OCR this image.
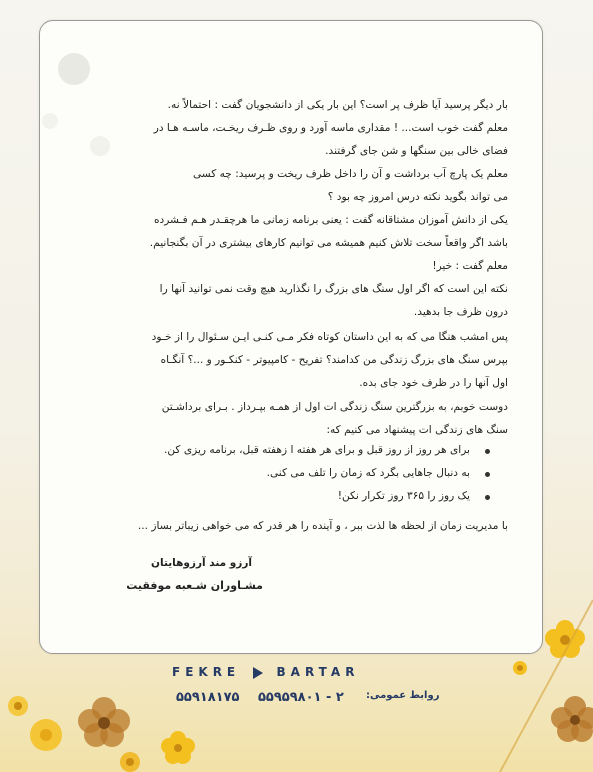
بار دیگر پرسید آیا ظرف پر است؟ این بار یکی از دانشجویان گفت : احتمالاً نه.
معلم گفت خوب است... ! مقداری ماسه آورد و روی ظـرف ریخـت، ماسـه هـا در
فضای خالی بین سنگها و شن جای گرفتند.
معلم یک پارچ آب برداشت و آن را داخل ظرف ریخت و پرسید: چه کسی
می تواند بگوید نکته درس امروز چه بود ؟
یکی از دانش آموزان مشتاقانه گفت : یعنی برنامه زمانی ما هرچقـدر هـم فـشرده
باشد اگر واقعاً سخت تلاش کنیم همیشه می توانیم کارهای بیشتری در آن بگنجانیم.
معلم گفت : خیر!
نکته این است که اگر اول سنگ های بزرگ را نگذارید هیچ وقت نمی توانید آنها را
درون ظرف جا بدهید.
پس امشب هنگا می که به این داستان کوتاه فکر مـی کنـی ایـن سـئوال را از خـود
بپرس سنگ های بزرگ زندگی من کدامند؟ تفریح - کامپیوتر - کنکـور و ...؟ آنگـاه
اول آنها را در ظرف خود جای بده.
دوست خوبم، به بزرگترین سنگ زندگی ات اول از همـه بپـرداز . بـرای برداشـتن
سنگ های زندگی ات پیشنهاد می کنیم که:
برای هر روز از روز قبل و برای هر هفته ا زهفته قبل، برنامه ریزی کن.
به دنبال جاهایی بگرد که زمان را تلف می کنی.
یک روز را ۳۶۵ روز تکرار نکن!
با مدیریت زمان از لحظه ها لذت ببر ، و آینده را هر قدر که می خواهی زیباتر بساز ...
آرزو مند آرزوهایتان
مشـاوران شـعبه موفقیت
FEKRE	BARTAR
۵۵۹۱۸۱۷۵ ۵۵۹۵۹۸۰۱ - ۲ روابط عمومی:
